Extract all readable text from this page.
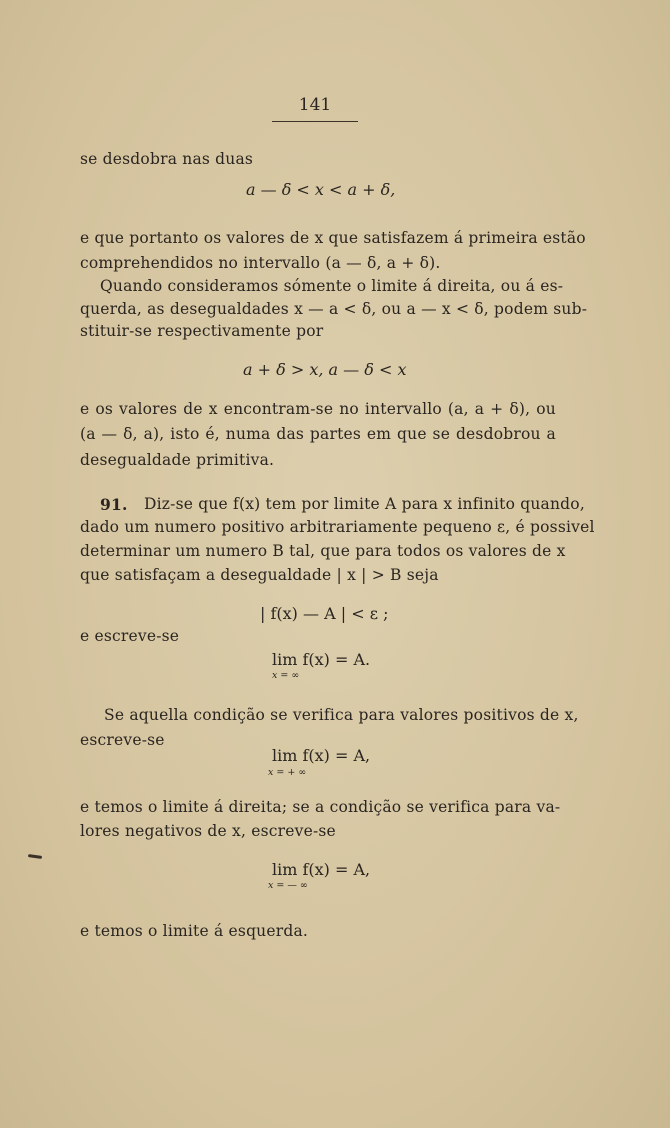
141
se desdobra nas duas
a — δ < x < a + δ,
e que portanto os valores de x que satisfazem á primeira estão
comprehendidos no intervallo (a — δ, a + δ).
Quando consideramos sómente o limite á direita, ou á es-
querda, as desegualdades x — a < δ, ou a — x < δ, podem sub-
stituir-se respectivamente por
a + δ > x, a — δ < x
e os valores de x encontram-se no intervallo (a, a + δ), ou
(a — δ, a), isto é, numa das partes em que se desdobrou a
desegualdade primitiva.
91. Diz-se que f(x) tem por limite A para x infinito quando,
dado um numero positivo arbitrariamente pequeno ε, é possivel
determinar um numero B tal, que para todos os valores de x
que satisfaçam a desegualdade | x | > B seja
| f(x) — A | < ε ;
e escreve-se
lim f(x) = A.
x = ∞
Se aquella condição se verifica para valores positivos de x,
escreve-se
lim f(x) = A,
x = + ∞
e temos o limite á direita; se a condição se verifica para va-
lores negativos de x, escreve-se
lim f(x) = A,
x = — ∞
e temos o limite á esquerda.
